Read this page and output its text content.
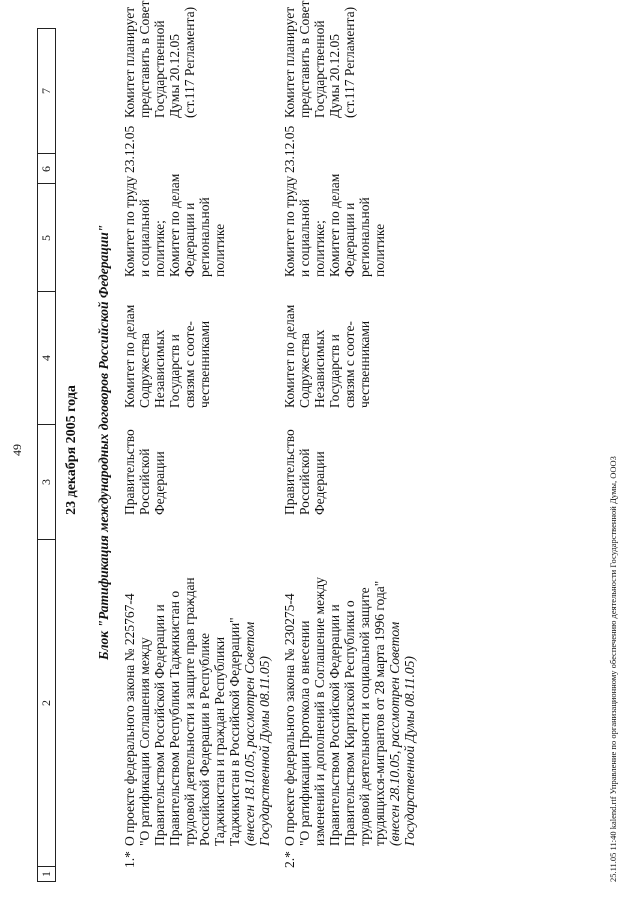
1
2
3
4
5
6
7
49	23 декабря 2005 года Блок "Ратификация международных договоров Российской Федерации"
1.*
О проекте федерального закона № 225767-4 "О ратификации Соглашения между Правительством Российской Федерации и Правительством Республики Таджикистан о трудовой деятельности и защите прав граждан Российской Федерации в Республике Таджикистан и граждан Республики Таджикистан в Российской Федерации" (внесен 18.10.05, рассмотрен Советом Государственной Думы 08.11.05)
Правительство Российской Федерации
Комитет по делам Содружества Независимых Государств и связям с сооте- чественниками
Комитет по труду и социальной политике; Комитет по делам Федерации и региональной политике
23.12.05
Комитет планирует представить в Совет Государственной Думы 20.12.05 (ст.117 Регламента)
2.*
О проекте федерального закона № 230275-4 "О ратификации Протокола о внесении изменений и дополнений в Соглашение между Правительством Российской Федерации и Правительством Киргизской Республики о трудовой деятельности и социальной защите трудящихся-мигрантов от 28 марта 1996 года" (внесен 28.10.05, рассмотрен Советом Государственной Думы 08.11.05)
Правительство Российской Федерации
Комитет по делам Содружества Независимых Государств и связям с сооте- чественниками
Комитет по труду и социальной политике; Комитет по делам Федерации и региональной политике
23.12.05
Комитет планирует представить в Совет Государственной Думы 20.12.05 (ст.117 Регламента)
25.11.05 11:40 kalend.rtf Управление по организационному обеспечению деятельности Государственной Думы, ООО3
